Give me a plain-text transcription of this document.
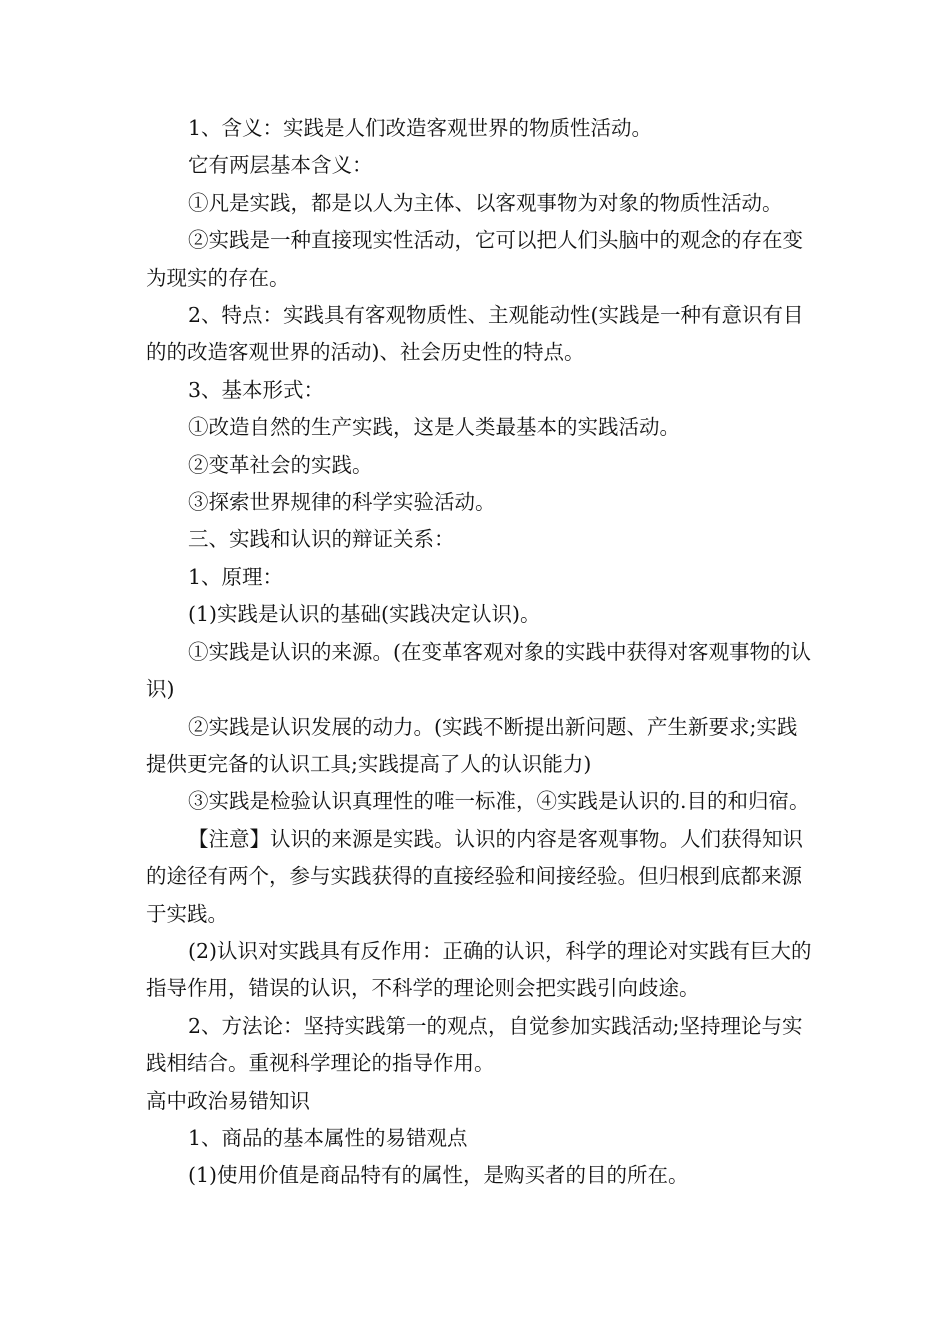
1、含义：实践是人们改造客观世界的物质性活动。

它有两层基本含义：

①凡是实践，都是以人为主体、以客观事物为对象的物质性活动。

②实践是一种直接现实性活动，它可以把人们头脑中的观念的存在变为现实的存在。

2、特点：实践具有客观物质性、主观能动性(实践是一种有意识有目的的改造客观世界的活动)、社会历史性的特点。

3、基本形式：

①改造自然的生产实践，这是人类最基本的实践活动。

②变革社会的实践。

③探索世界规律的科学实验活动。

三、实践和认识的辩证关系：

1、原理：

(1)实践是认识的基础(实践决定认识)。

①实践是认识的来源。(在变革客观对象的实践中获得对客观事物的认识)

②实践是认识发展的动力。(实践不断提出新问题、产生新要求;实践提供更完备的认识工具;实践提高了人的认识能力)

③实践是检验认识真理性的唯一标准，④实践是认识的.目的和归宿。

【注意】认识的来源是实践。认识的内容是客观事物。人们获得知识的途径有两个，参与实践获得的直接经验和间接经验。但归根到底都来源于实践。

(2)认识对实践具有反作用：正确的认识，科学的理论对实践有巨大的指导作用，错误的认识，不科学的理论则会把实践引向歧途。

2、方法论：坚持实践第一的观点，自觉参加实践活动;坚持理论与实践相结合。重视科学理论的指导作用。

高中政治易错知识

1、商品的基本属性的易错观点

(1)使用价值是商品特有的属性，是购买者的目的所在。
